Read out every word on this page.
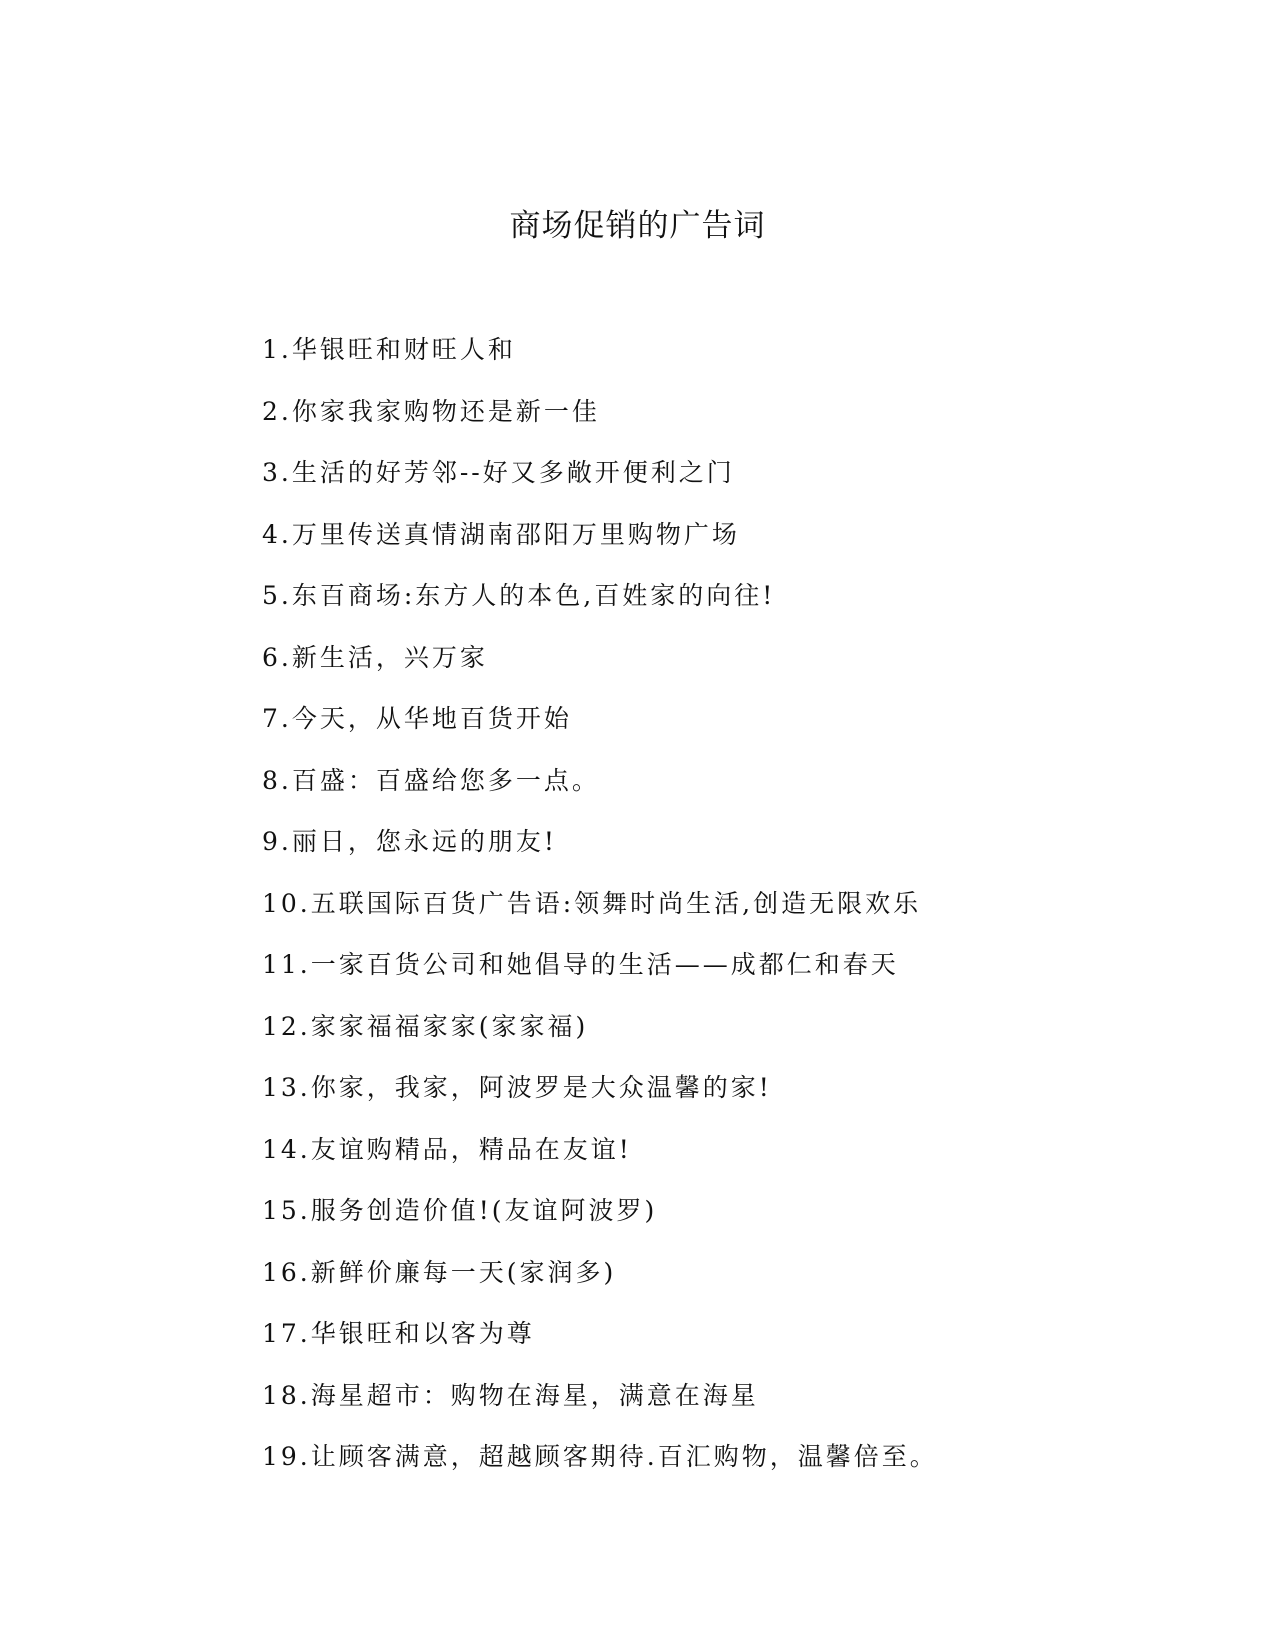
商场促销的广告词
1.华银旺和财旺人和
2.你家我家购物还是新一佳
3.生活的好芳邻--好又多敞开便利之门
4.万里传送真情湖南邵阳万里购物广场
5.东百商场:东方人的本色,百姓家的向往!
6.新生活，兴万家
7.今天，从华地百货开始
8.百盛：百盛给您多一点。
9.丽日，您永远的朋友!
10.五联国际百货广告语:领舞时尚生活,创造无限欢乐
11.一家百货公司和她倡导的生活——成都仁和春天
12.家家福福家家(家家福)
13.你家，我家，阿波罗是大众温馨的家!
14.友谊购精品，精品在友谊!
15.服务创造价值!(友谊阿波罗)
16.新鲜价廉每一天(家润多)
17.华银旺和以客为尊
18.海星超市：购物在海星，满意在海星
19.让顾客满意，超越顾客期待.百汇购物，温馨倍至。
